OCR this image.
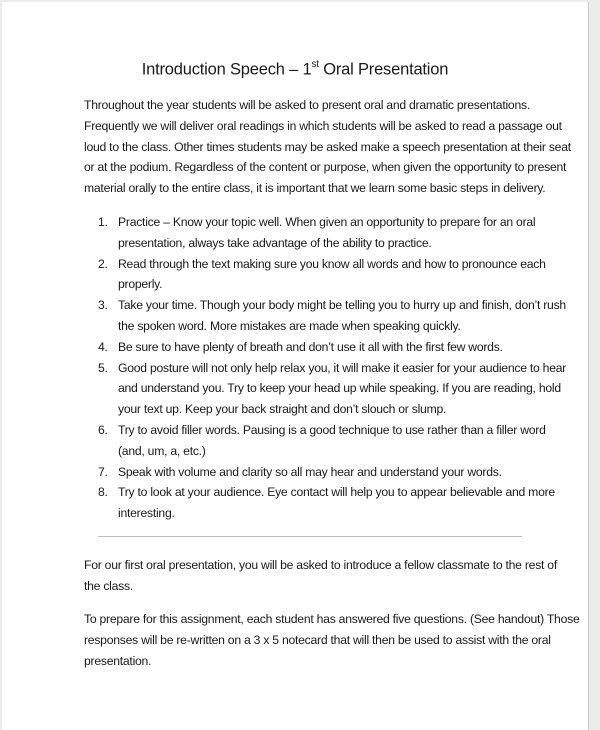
Introduction Speech – 1st Oral Presentation
Throughout the year students will be asked to present oral and dramatic presentations.
Frequently we will deliver oral readings in which students will be asked to read a passage out
loud to the class. Other times students may be asked make a speech presentation at their seat
or at the podium. Regardless of the content or purpose, when given the opportunity to present
material orally to the entire class, it is important that we learn some basic steps in delivery.
1. Practice – Know your topic well. When given an opportunity to prepare for an oral
presentation, always take advantage of the ability to practice.
2. Read through the text making sure you know all words and how to pronounce each
properly.
3. Take your time. Though your body might be telling you to hurry up and finish, don’t rush
the spoken word. More mistakes are made when speaking quickly.
4. Be sure to have plenty of breath and don’t use it all with the first few words.
5. Good posture will not only help relax you, it will make it easier for your audience to hear
and understand you. Try to keep your head up while speaking. If you are reading, hold
your text up. Keep your back straight and don’t slouch or slump.
6. Try to avoid filler words. Pausing is a good technique to use rather than a filler word
(and, um, a, etc.)
7. Speak with volume and clarity so all may hear and understand your words.
8. Try to look at your audience. Eye contact will help you to appear believable and more
interesting.
For our first oral presentation, you will be asked to introduce a fellow classmate to the rest of
the class.
To prepare for this assignment, each student has answered five questions. (See handout) Those
responses will be re-written on a 3 x 5 notecard that will then be used to assist with the oral
presentation.
